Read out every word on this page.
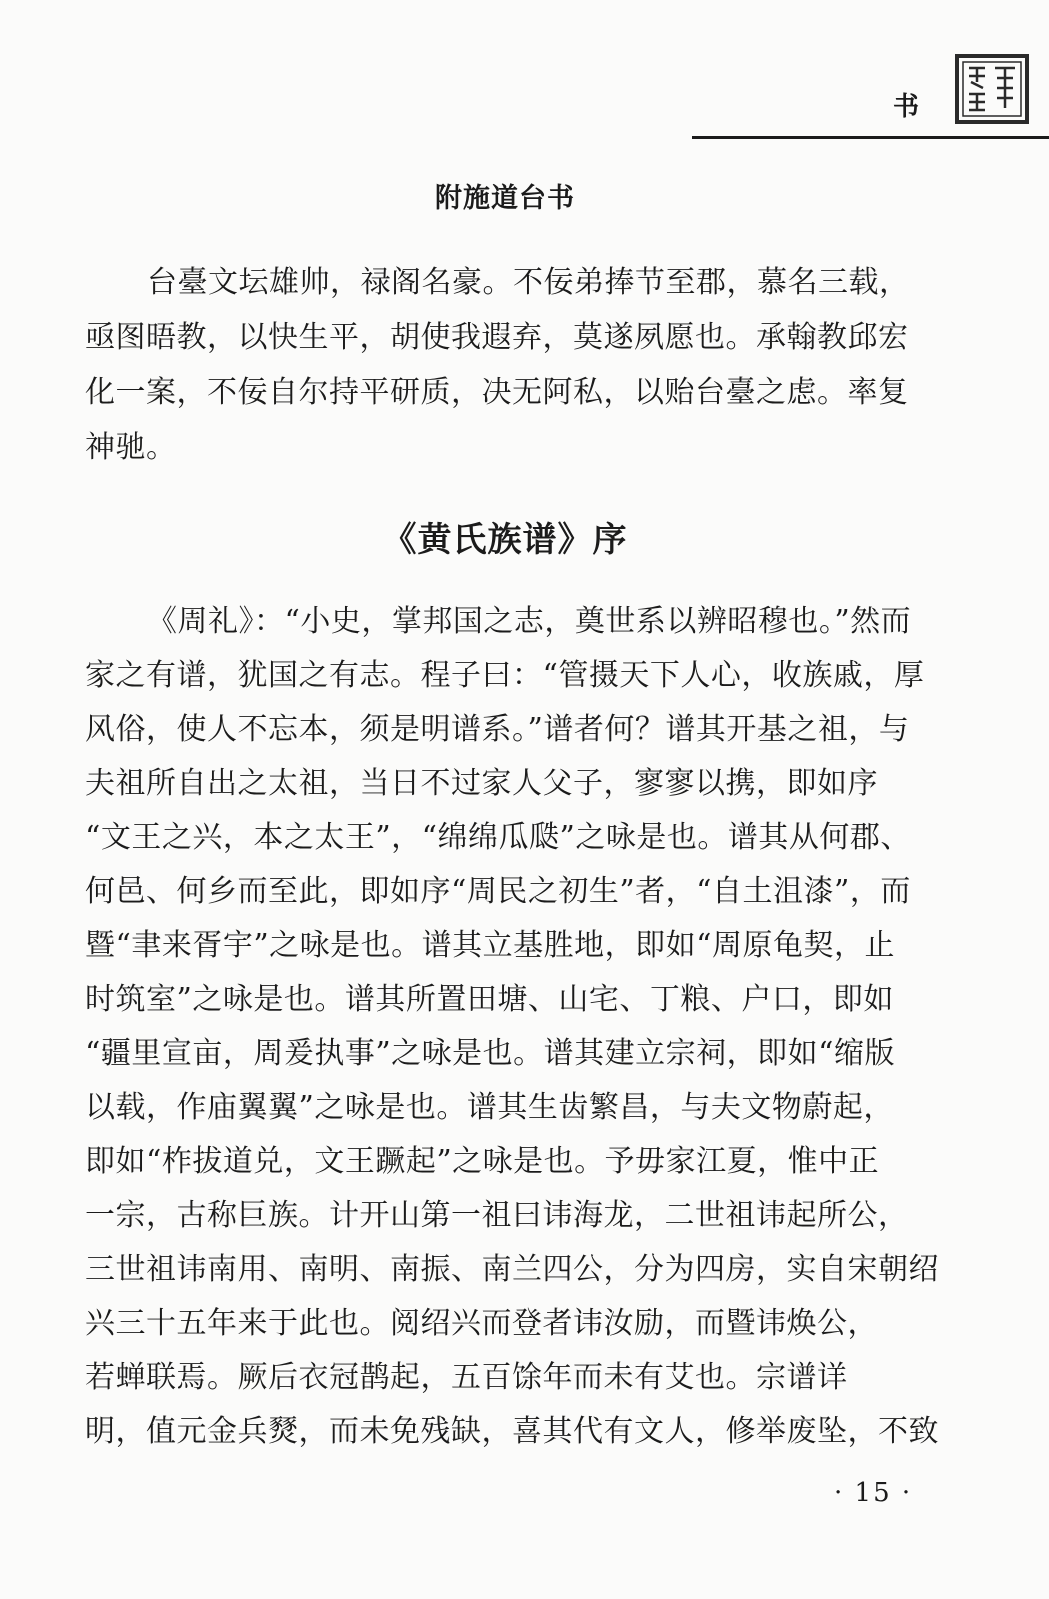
书
附施道台书
台臺文坛雄帅，禄阁名豪。不佞弟捧节至郡，慕名三载，
亟图晤教，以快生平，胡使我遐弃，莫遂夙愿也。承翰教邱宏
化一案，不佞自尔持平研质，决无阿私，以贻台臺之虑。率复
神驰。
《黄氏族谱》序
《周礼》：“小史，掌邦国之志，奠世系以辨昭穆也。”然而
家之有谱，犹国之有志。程子曰：“管摄天下人心，收族戚，厚
风俗，使人不忘本，须是明谱系。”谱者何？谱其开基之祖，与
夫祖所自出之太祖，当日不过家人父子，寥寥以携，即如序
“文王之兴，本之太王”，“绵绵瓜瓞”之咏是也。谱其从何郡、
何邑、何乡而至此，即如序“周民之初生”者，“自土沮漆”，而
暨“聿来胥宇”之咏是也。谱其立基胜地，即如“周原龟契，止
时筑室”之咏是也。谱其所置田塘、山宅、丁粮、户口，即如
“疆里宣亩，周爰执事”之咏是也。谱其建立宗祠，即如“缩版
以载，作庙翼翼”之咏是也。谱其生齿繁昌，与夫文物蔚起，
即如“柞拔道兑，文王蹶起”之咏是也。予毋家江夏，惟中正
一宗，古称巨族。计开山第一祖曰讳海龙，二世祖讳起所公，
三世祖讳南用、南明、南振、南兰四公，分为四房，实自宋朝绍
兴三十五年来于此也。阅绍兴而登者讳汝励，而暨讳焕公，
若蝉联焉。厥后衣冠鹊起，五百馀年而未有艾也。宗谱详
明，值元金兵燹，而未免残缺，喜其代有文人，修举废坠，不致
· 15 ·
